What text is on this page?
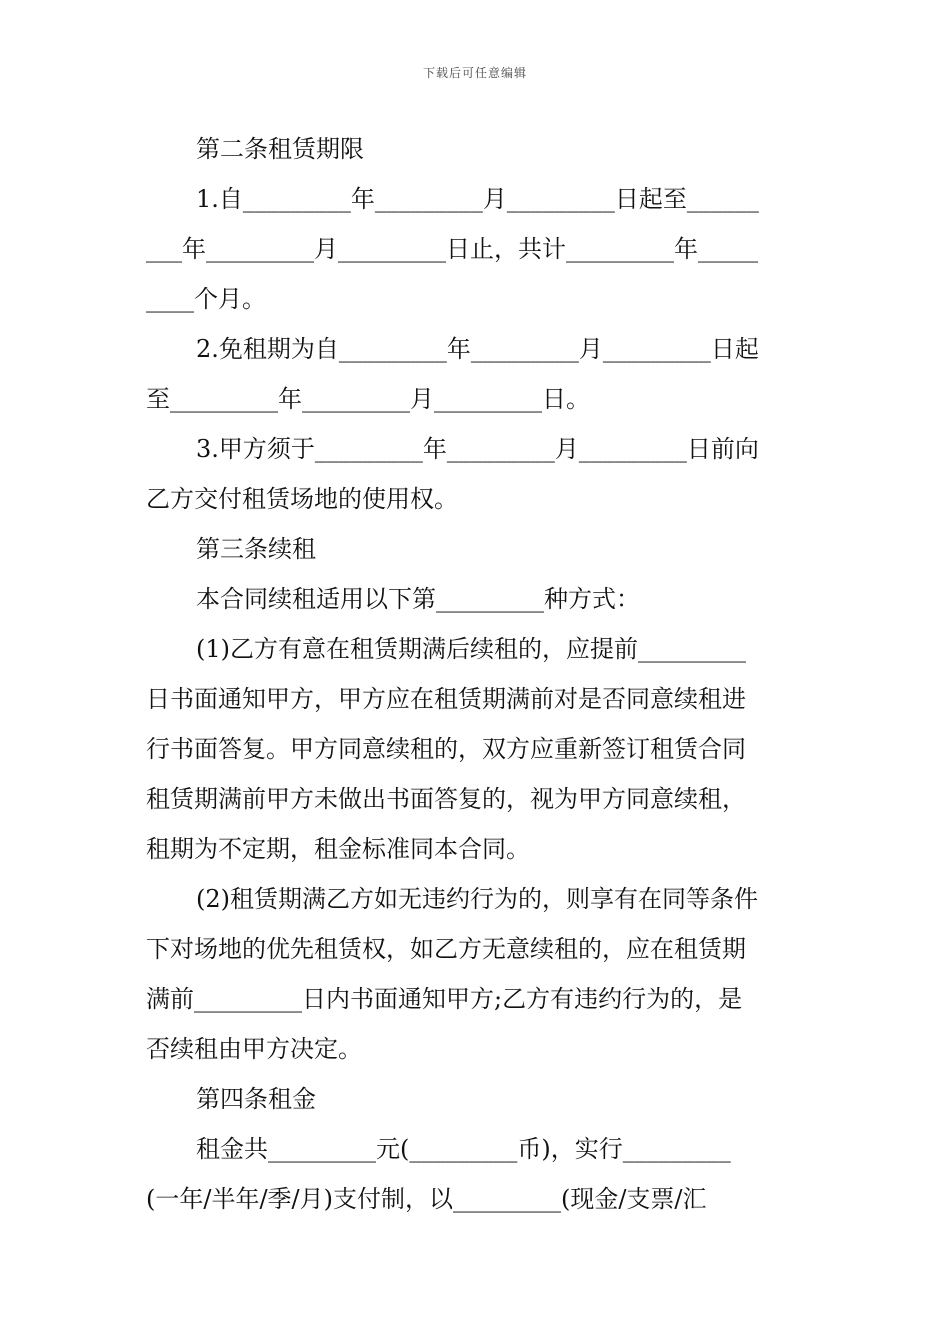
下载后可任意编辑
第二条租赁期限
1.自_________年_________月_________日起至______
___年_________月_________日止，共计_________年_____
____个月。
2.免租期为自_________年_________月_________日起
至_________年_________月_________日。
3.甲方须于_________年_________月_________日前向
乙方交付租赁场地的使用权。
第三条续租
本合同续租适用以下第_________种方式：
(1)乙方有意在租赁期满后续租的，应提前_________
日书面通知甲方，甲方应在租赁期满前对是否同意续租进
行书面答复。甲方同意续租的，双方应重新签订租赁合同
租赁期满前甲方未做出书面答复的，视为甲方同意续租，
租期为不定期，租金标准同本合同。
(2)租赁期满乙方如无违约行为的，则享有在同等条件
下对场地的优先租赁权，如乙方无意续租的，应在租赁期
满前_________日内书面通知甲方;乙方有违约行为的，是
否续租由甲方决定。
第四条租金
租金共_________元(_________币)，实行_________
(一年/半年/季/月)支付制，以_________(现金/支票/汇
